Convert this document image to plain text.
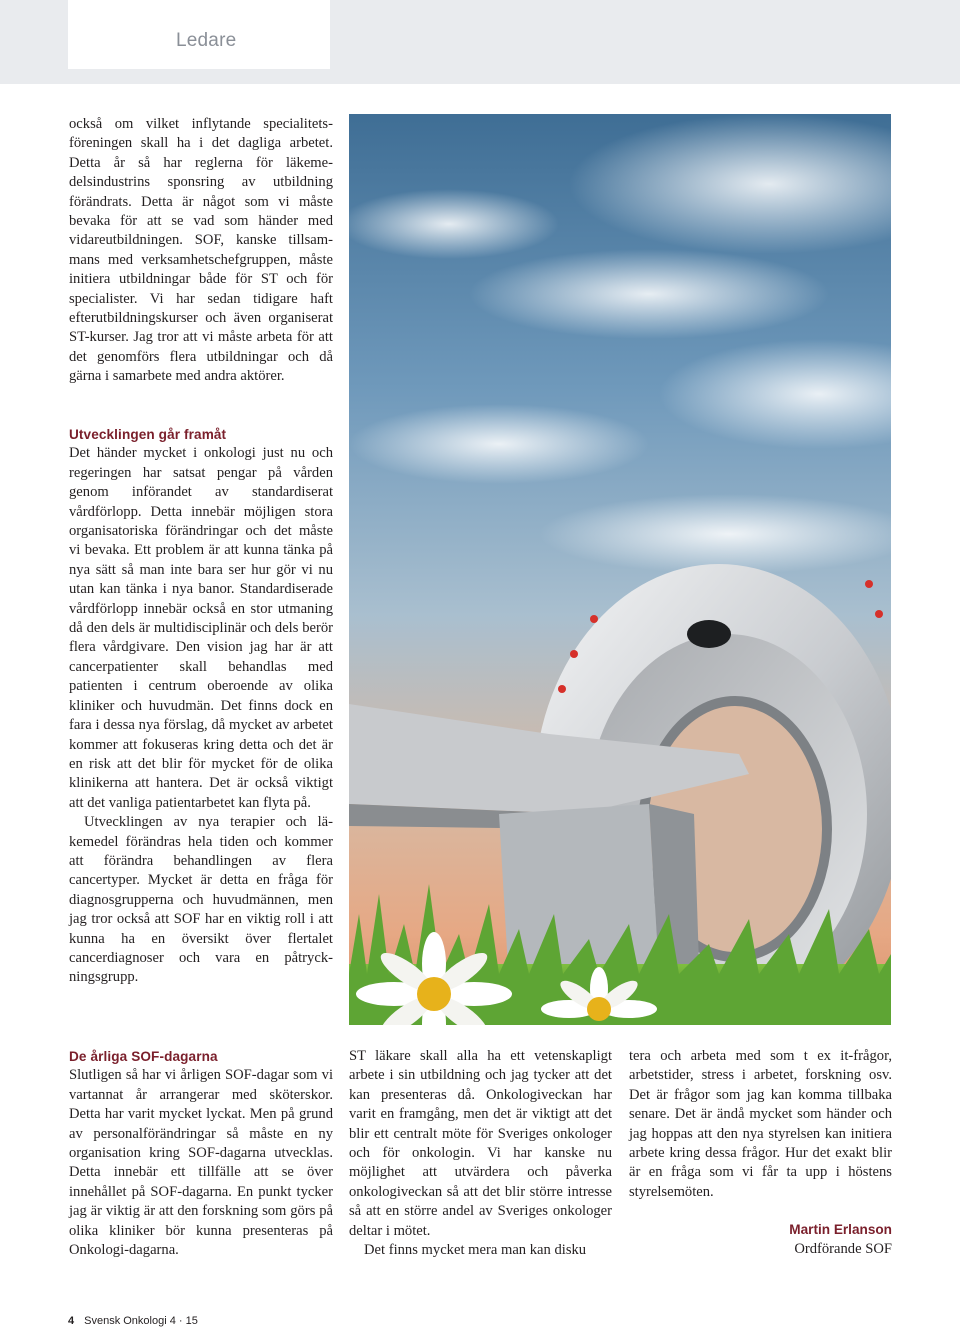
Ledare

också om vilket inflytande specialitetsföreningen skall ha i det dagliga arbetet. Detta år så har reglerna för läkemedelsindustrins sponsring av utbildning förändrats. Detta är något som vi måste bevaka för att se vad som händer med vidareutbildningen. SOF, kanske tillsammans med verksamhetschefgruppen, måste initiera utbildningar både för ST och för specialister. Vi har sedan tidigare haft efterutbildningskurser och även organiserat ST-kurser. Jag tror att vi måste arbeta för att det genomförs flera utbildningar och då gärna i samarbete med andra aktörer.

Utvecklingen går framåt

Det händer mycket i onkologi just nu och regeringen har satsat pengar på vården genom införandet av standardiserat vårdförlopp. Detta innebär möjligen stora organisatoriska förändringar och det måste vi bevaka. Ett problem är att kunna tänka på nya sätt så man inte bara ser hur gör vi nu utan kan tänka i nya banor. Standardiserade vårdförlopp innebär också en stor utmaning då den dels är multidisciplinär och dels berör flera vårdgivare. Den vision jag har är att cancerpatienter skall behandlas med patienten i centrum oberoende av olika kliniker och huvudmän. Det finns dock en fara i dessa nya förslag, då mycket av arbetet kommer att fokuseras kring detta och det är en risk att det blir för mycket för de olika klinikerna att hantera. Det är också viktigt att det vanliga patientarbetet kan flyta på.

Utvecklingen av nya terapier och läkemedel förändras hela tiden och kommer att förändra behandlingen av flera cancertyper. Mycket är detta en fråga för diagnosgrupperna och huvudmännen, men jag tror också att SOF har en viktig roll i att kunna ha en översikt över flertalet cancerdiagnoser och vara en påtryckningsgrupp.

De årliga SOF-dagarna

Slutligen så har vi årligen SOF-dagar som vi vartannat år arrangerar med sköterskor. Detta har varit mycket lyckat. Men på grund av personalförändringar så måste en ny organisation kring SOF-dagarna utvecklas. Detta innebär ett tillfälle att se över innehållet på SOF-dagarna. En punkt tycker jag är viktig är att den forskning som görs på olika kliniker bör kunna presenteras på Onkologi-dagarna.

ST läkare skall alla ha ett vetenskapligt arbete i sin utbildning och jag tycker att det kan presenteras då. Onkologiveckan har varit en framgång, men det är viktigt att det blir ett centralt möte för Sveriges onkologer och för onkologin. Vi har kanske nu möjlighet att utvärdera och påverka onkologiveckan så att det blir större intresse så att en större andel av Sveriges onkologer deltar i mötet.

Det finns mycket mera man kan disku

tera och arbeta med som t ex it-frågor, arbetstider, stress i arbetet, forskning osv. Det är frågor som jag kan komma tillbaka senare. Det är ändå mycket som händer och jag hoppas att den nya styrelsen kan initiera arbete kring dessa frågor. Hur det exakt blir är en fråga som vi får ta upp i höstens styrelsemöten.

Martin Erlanson
Ordförande SOF
4 Svensk Onkologi 4 · 15
